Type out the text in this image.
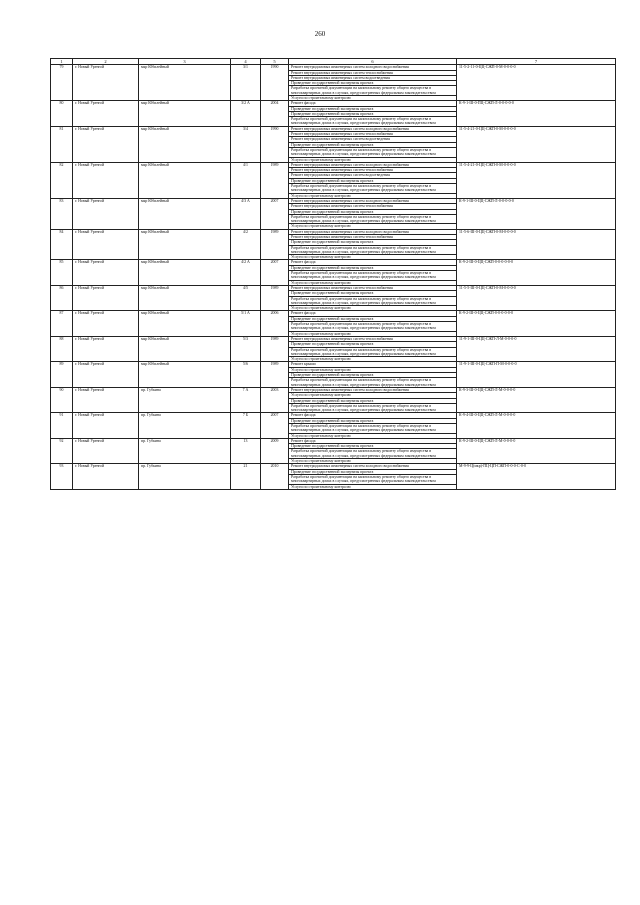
260
1	2	3	4	5	6	7
79	г. Новый Уренгой	мкр Юбилейный	3/1	1990	Ремонт внутридомовых инженерных систем холодного водоснабжения	11-5-2-11-0-ЦЦ-СЖП-0-М-0-0-0-0
					Ремонт внутридомовых инженерных систем теплоснабжения	
					Ремонт внутридомовых инженерных систем водоотведения	
					Проведение государственной экспертизы проекта	
					Разработка проектной документации на капитальному ремонту общего имущества в многоквартирных домах в случаях, предусмотренных федеральным законодательством	
					Услуги по строительному контролю	
80	г. Новый Уренгой	мкр Юбилейный	3/2 А	2004	Ремонт фасада	К-9-1-Ш-0-ПЦ-СЖП-Л-0-0-0-0-0
					Проведение государственной экспертизы проекта	
					Проведение государственной экспертизы проекта	
					Разработка проектной документации на капитальному ремонту общего имущества в многоквартирных домах в случаях, предусмотренных федеральным законодательством	
81	г. Новый Уренгой	мкр Юбилейный	3/4	1990	Ремонт внутридомовых инженерных систем холодного водоснабжения	11-5-4-21-0-ЦЦ-СЖП-0-М-0-0-0-0
					Ремонт внутридомовых инженерных систем теплоснабжения	
					Ремонт внутридомовых инженерных систем водоотведения	
					Проведение государственной экспертизы проекта	
					Разработка проектной документации на капитальному ремонту общего имущества в многоквартирных домах в случаях, предусмотренных федеральным законодательством	
					Услуги по строительному контролю	
82	г. Новый Уренгой	мкр Юбилейный	4/1	1989	Ремонт внутридомовых инженерных систем холодного водоснабжения	11-5-4-21-0-ЦЦ-СЖП-0-М-0-0-0-0
					Ремонт внутридомовых инженерных систем теплоснабжения	
					Ремонт внутридомовых инженерных систем водоотведения	
					Проведение государственной экспертизы проекта	
					Разработка проектной документации на капитальному ремонту общего имущества в многоквартирных домах в случаях, предусмотренных федеральным законодательством	
					Услуги по строительному контролю	
83	г. Новый Уренгой	мкр Юбилейный	4/3 А	2007	Ремонт внутридомовых инженерных систем холодного водоснабжения	К-9-1-Ш-0-ЦЦ-СЖП-Л-0-0-0-0-0
					Ремонт внутридомовых инженерных систем теплоснабжения	
					Проведение государственной экспертизы проекта	
					Разработка проектной документации на капитальному ремонту общего имущества в многоквартирных домах в случаях, предусмотренных федеральным законодательством	
					Услуги по строительному контролю	
84	г. Новый Уренгой	мкр Юбилейный	4/2	1989	Ремонт внутридомовых инженерных систем холодного водоснабжения	11-5-6-Ш-0-ЦЦ-СЖП-0-М-0-0-0-0
					Ремонт внутридомовых инженерных систем теплоснабжения	
					Проведение государственной экспертизы проекта	
					Разработка проектной документации на капитальному ремонту общего имущества в многоквартирных домах в случаях, предусмотренных федеральным законодательством	
					Услуги по строительному контролю	
85	г. Новый Уренгой	мкр Юбилейный	4/2 А	2007	Ремонт фасада	К-9-2-Ш-0-ЦЦ-СЖП-0-0-0-0-0-0
					Проведение государственной экспертизы проекта	
					Разработка проектной документации на капитальному ремонту общего имущества в многоквартирных домах в случаях, предусмотренных федеральным законодательством	
					Услуги по строительному контролю	
86	г. Новый Уренгой	мкр Юбилейный	4/5	1989	Ремонт внутридомовых инженерных систем теплоснабжения	11-5-5-Ш-0-ЦЦ-СЖП-0-М-0-0-0-0
					Проведение государственной экспертизы проекта	
					Разработка проектной документации на капитальному ремонту общего имущества в многоквартирных домах в случаях, предусмотренных федеральным законодательством	
					Услуги по строительному контролю	
87	г. Новый Уренгой	мкр Юбилейный	5/1 А	2006	Ремонт фасада	К-9-2-Ш-0-ЦЦ-СЖП-0-0-0-0-0-0
					Проведение государственной экспертизы проекта	
					Разработка проектной документации на капитальному ремонту общего имущества в многоквартирных домах в случаях, предусмотренных федеральным законодательством	
					Услуги по строительному контролю	
88	г. Новый Уренгой	мкр Юбилейный	5/3	1989	Ремонт внутридомовых инженерных систем теплоснабжения	11-9-1-Ш-0-ЦЦ-СЖП-Л-М-0-0-0-0
					Проведение государственной экспертизы проекта	
					Разработка проектной документации на капитальному ремонту общего имущества в многоквартирных домах в случаях, предусмотренных федеральным законодательством	
					Услуги по строительному контролю	
89	г. Новый Уренгой	мкр Юбилейный	5/6	1989	Ремонт крыши	11-9-1-Ш-0-ЦЦ-СЖП-П-М-0-0-0-0
					Услуги по строительному контролю	
					Проведение государственной экспертизы проекта	
					Разработка проектной документации на капитальному ремонту общего имущества в многоквартирных домах в случаях, предусмотренных федеральным законодательством	
90	г. Новый Уренгой	пр. Губкина	7 А	2003	Ремонт внутридомовых инженерных систем холодного водоснабжения	К-9-3-Ш-0-ЦЦ-СЖП-Л-М-0-0-0-0
					Услуги по строительному контролю	
					Проведение государственной экспертизы проекта	
					Разработка проектной документации на капитальному ремонту общего имущества в многоквартирных домах в случаях, предусмотренных федеральным законодательством	
91	г. Новый Уренгой	пр. Губкина	7 Б	2007	Ремонт фасада	К-9-4-Ш-0-ЦЦ-СЖП-Л-М-0-0-0-0
					Проведение государственной экспертизы проекта	
					Разработка проектной документации на капитальному ремонту общего имущества в многоквартирных домах в случаях, предусмотренных федеральным законодательством	
					Услуги по строительному контролю	
92	г. Новый Уренгой	пр. Губкина	13	2009	Ремонт фасада	К-9-2-Ш-0-ЦЦ-СЖП-Л-М-0-0-0-0
					Проведение государственной экспертизы проекта	
					Разработка проектной документации на капитальному ремонту общего имущества в многоквартирных домах в случаях, предусмотренных федеральным законодательством	
					Услуги по строительному контролю	
93	г. Новый Уренгой	пр. Губкина	21	2010	Ремонт внутридомовых инженерных систем холодного водоснабжения	М-9-9-Ц(мкр)-ПЦ-ЦП-СЖП-0-0-0-С-0-0
					Проведение государственной экспертизы проекта	
					Разработка проектной документации на капитальному ремонту общего имущества в многоквартирных домах в случаях, предусмотренных федеральным законодательством	
					Услуги по строительному контролю	
